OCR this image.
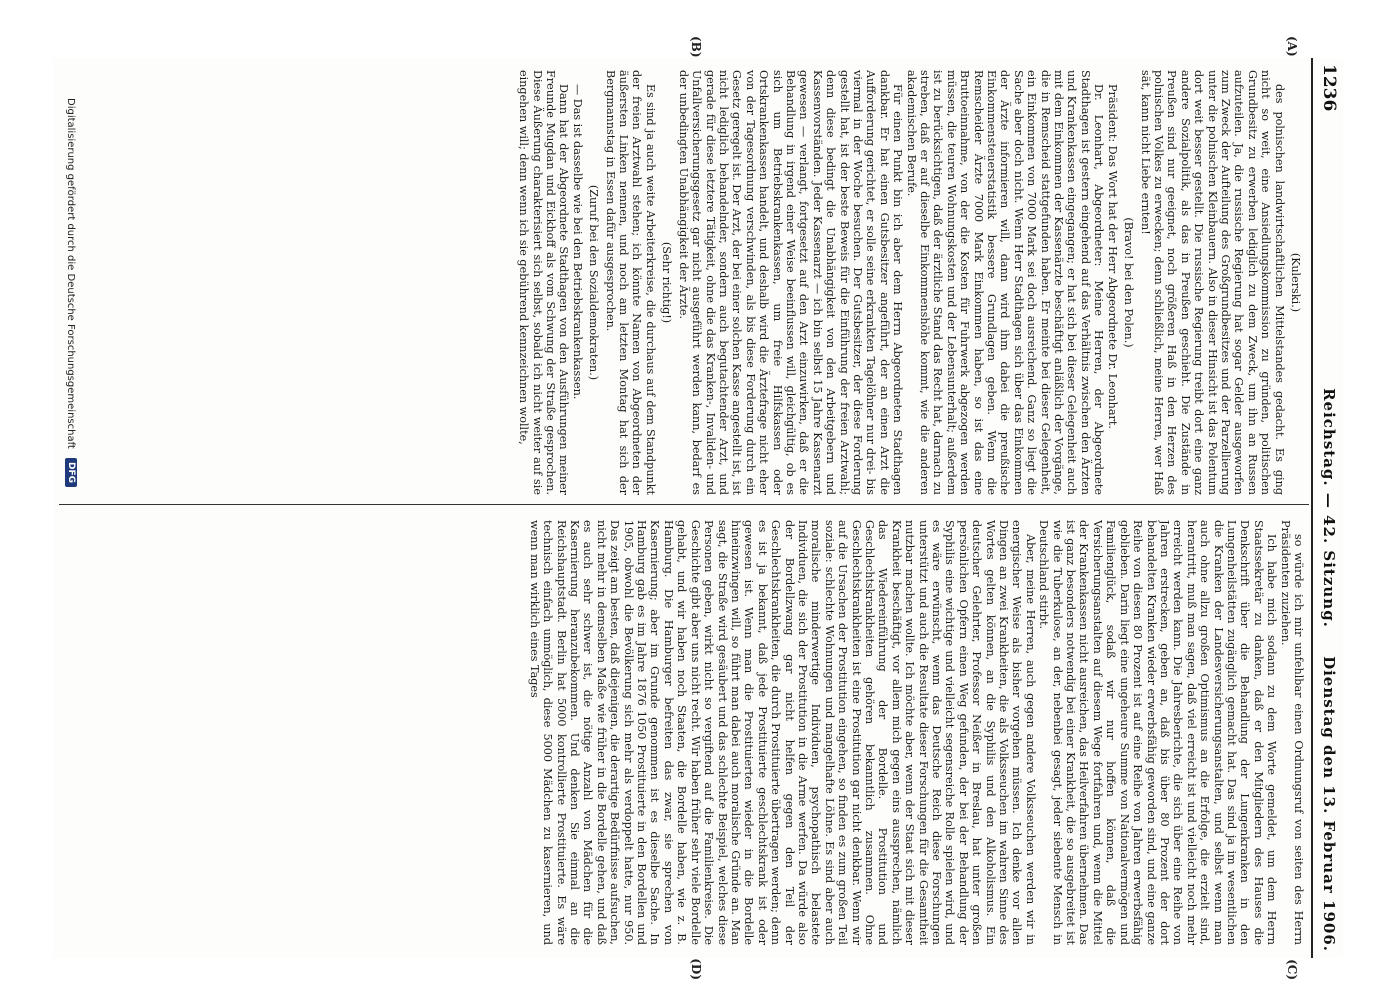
1236
Reichstag. — 42. Sitzung.
Dienstag den 13. Februar 1906.
(A)
(B)
(C)
(D)

(Kulerski.)

des polnischen landwirtschaftlichen Mittelstandes gedacht. Es ging nicht so weit, eine Ansiedlungskommission zu gründen, politischen Grundbesitz zu erwerben lediglich zu dem Zweck, um ihn an Russen aufzuteilen. Ja, die russische Regierung hat sogar Gelder ausgeworfen zum Zweck der Aufteilung des Großgrundbesitzes und der Parzellierung unter die polnischen Kleinbauern. Also in dieser Hinsicht ist das Polentum dort weit besser gestellt. Die russische Regierung treibt dort eine ganz andere Sozialpolitik, als das in Preußen geschieht. Die Zustände in Preußen sind nur geeignet, noch größeren Haß in den Herzen des polnischen Volkes zu erwecken; denn schließlich, meine Herren, wer Haß sät, kann nicht Liebe ernten!

(Bravo! bei den Polen.)

Präsident: Das Wort hat der Herr Abgeordnete Dr. Leonhart.

Dr. Leonhart, Abgeordneter: Meine Herren, der Abgeordnete Stadthagen ist gestern eingehend auf das Verhältnis zwischen den Ärzten und Krankenkassen eingegangen; er hat sich bei dieser Gelegenheit auch mit dem Einkommen der Kassenärzte beschäftigt anläßlich der Vorgänge, die in Remscheid stattgefunden haben. Er meinte bei dieser Gelegenheit, ein Einkommen von 7000 Mark sei doch ausreichend. Ganz so liegt die Sache aber doch nicht. Wenn Herr Stadthagen sich über das Einkommen der Ärzte informieren will, dann wird ihm dabei die preußische Einkommensteuerstatistik bessere Grundlagen geben. Wenn die Remscheider Ärzte 7000 Mark Einkommen haben, so ist das eine Bruttoeinnahme, von der die Kosten für Fuhrwerk abgezogen werden müssen, die teuren Wohnungskosten und der Lebensunterhalt; außerdem ist zu berücksichtigen, daß der ärztliche Stand das Recht hat, darnach zu streben, daß er auf dieselbe Einkommenshöhe kommt, wie die anderen akademischen Berufe.

Für einen Punkt bin ich aber dem Herrn Abgeordneten Stadthagen dankbar. Er hat einen Gutsbesitzer angeführt, der an einen Arzt die Aufforderung gerichtet, er solle seine erkrankten Tagelöhner nur drei- bis viermal in der Woche besuchen. Der Gutsbesitzer, der diese Forderung gestellt hat, ist der beste Beweis für die Einführung der freien Arztwahl; denn diese bedingt die Unabhängigkeit von den Arbeitgebern und Kassenvorständen. Jeder Kassenarzt — ich bin selbst 15 Jahre Kassenarzt gewesen — verlangt, fortgesetzt auf den Arzt einzuwirken, daß er die Behandlung in irgend einer Weise beeinflussen will, gleichgültig, ob es sich um Betriebskrankenkassen, um freie Hilfskassen oder Ortskrankenkassen handelt, und deshalb wird die Ärztefrage nicht eher von der Tagesordnung verschwinden, als bis diese Forderung durch ein Gesetz geregelt ist. Der Arzt, der bei einer solchen Kasse angestellt ist, ist nicht lediglich behandelnder, sondern auch begutachtender Arzt, und gerade für diese letztere Tätigkeit, ohne die das Kranken-, Invaliden- und Unfallversicherungsgesetz gar nicht ausgeführt werden kann, bedarf es der unbedingten Unabhängigkeit der Ärzte.

(Sehr richtig!)

Es sind ja auch weite Arbeiterkreise, die durchaus auf dem Standpunkt der freien Arztwahl stehen; ich könnte Namen von Abgeordneten der äußersten Linken nennen, und noch am letzten Montag hat sich der Bergmannstag in Essen dafür ausgesprochen.

(Zuruf bei den Sozialdemokraten.)

— Das ist dasselbe wie bei den Betriebskrankenkassen.

Dann hat der Abgeordnete Stadthagen von den Ausführungen meiner Freunde Mugdan und Eickhoff als vom Schwung der Straße gesprochen. Diese Äußerung charakterisiert sich selbst, sobald ich nicht weiter auf sie eingehen will; denn wenn ich sie gebührend kennzeichnen wollte,

so würde ich mir unfehlbar einen Ordnungsruf von seiten des Herrn Präsidenten zuziehen.

Ich habe mich sodann zu dem Worte gemeldet, um dem Herrn Staatssekretär zu danken, daß er den Mitgliedern des Hauses die Denkschrift über die Behandlung der Lungenkranken in den Lungenheilstätten zugänglich gemacht hat. Das sind ja im wesentlichen die Kranken der Landesversicherungsanstalten, und selbst wenn man auch ohne allzu großen Optimismus an die Erfolge, die erzielt sind, herantritt, muß man sagen, daß viel erreicht ist und vielleicht noch mehr erreicht werden kann. Die Jahresberichte, die sich über eine Reihe von Jahren erstrecken, geben an, daß bis über 80 Prozent der dort behandelten Kranken wieder erwerbsfähig geworden sind, und eine ganze Reihe von diesen 80 Prozent ist auf eine Reihe von Jahren erwerbsfähig geblieben. Darin liegt eine ungeheure Summe von Nationalvermögen und Familienglück, sodaß wir nur hoffen können, daß die Versicherungsanstalten auf diesem Wege fortfahren und, wenn die Mittel der Krankenkassen nicht ausreichen, das Heilverfahren übernehmen. Das ist ganz besonders notwendig bei einer Krankheit, die so ausgebreitet ist wie die Tuberkulose, an der, nebenbei gesagt, jeder siebente Mensch in Deutschland stirbt.

Aber, meine Herren, auch gegen andere Volksseuchen werden wir in energischer Weise als bisher vorgehen müssen. Ich denke vor allen Dingen an zwei Krankheiten, die als Volksseuchen im wahren Sinne des Wortes gelten können, an die Syphilis und den Alkoholismus. Ein deutscher Gelehrter, Professor Neißer in Breslau, hat unter großen persönlichen Opfern einen Weg gefunden, der bei der Behandlung der Syphilis eine wichtige und vielleicht segensreiche Rolle spielen wird, und es wäre erwünscht, wenn das Deutsche Reich diese Forschungen unterstützt und auch die Resultate dieser Forschungen für die Gesamtheit nutzbar machen wollte. Ich möchte aber, wenn der Staat sich mit dieser Krankheit beschäftigt, vor allem mich gegen eins aussprechen, nämlich das Wiedereinführung der Bordelle. Prostitution und Geschlechtskrankheiten gehören bekanntlich zusammen. Ohne Geschlechtskrankheiten ist eine Prostitution gar nicht denkbar. Wenn wir auf die Ursachen der Prostitution eingehen, so finden es zum großen Teil soziale: schlechte Wohnungen und mangelhafte Löhne. Es sind aber auch moralische minderwertige Individuen, psychopathisch belastete Individuen, die sich der Prostitution in die Arme werfen. Da würde also der Bordellzwang gar nicht helfen gegen den Teil der Geschlechtskrankheiten, die durch Prostituierte übertragen werden; denn es ist ja bekannt, daß jede Prostituierte geschlechtskrank ist oder gewesen ist. Wenn man die Prostituierten wieder in die Bordelle hineinzwingen will, so führt man dabei auch moralische Gründe an. Man sagt, die Straße wird gesäubert und das schlechte Beispiel, welches diese Personen geben, wirkt nicht so vergiftend auf die Familienkreise. Die Geschichte gibt aber uns nicht recht. Wir haben früher sehr viele Bordelle gehabt, und wir haben noch Staaten, die Bordelle haben, wie z. B. Hamburg. Die Hamburger befreiten das zwar, sie sprechen von Kasernierung; aber im Grunde genommen ist es dieselbe Sache. In Hamburg gab es im Jahre 1876 1050 Prostituierte in den Bordellen und 1905, obwohl die Bevölkerung sich mehr als verdoppelt hatte, nur 950. Das zeigt am besten, daß diejenigen, die derartige Bedürfnisse aufsuchen, nicht mehr in demselben Maße wie früher in die Bordelle gehen, und daß es auch sehr schwer ist, die nötige Anzahl von Mädchen für die Kasernierung heranzubekommen. Und denken Sie einmal an die Reichshauptstadt. Berlin hat 5000 kontrollierte Prostituierte. Es wäre technisch einfach unmöglich, diese 5000 Mädchen zu kasernieren, und wenn man wirklich eines Tages

Digitalisierung gefördert durch die Deutsche Forschungsgemeinschaft DFG
